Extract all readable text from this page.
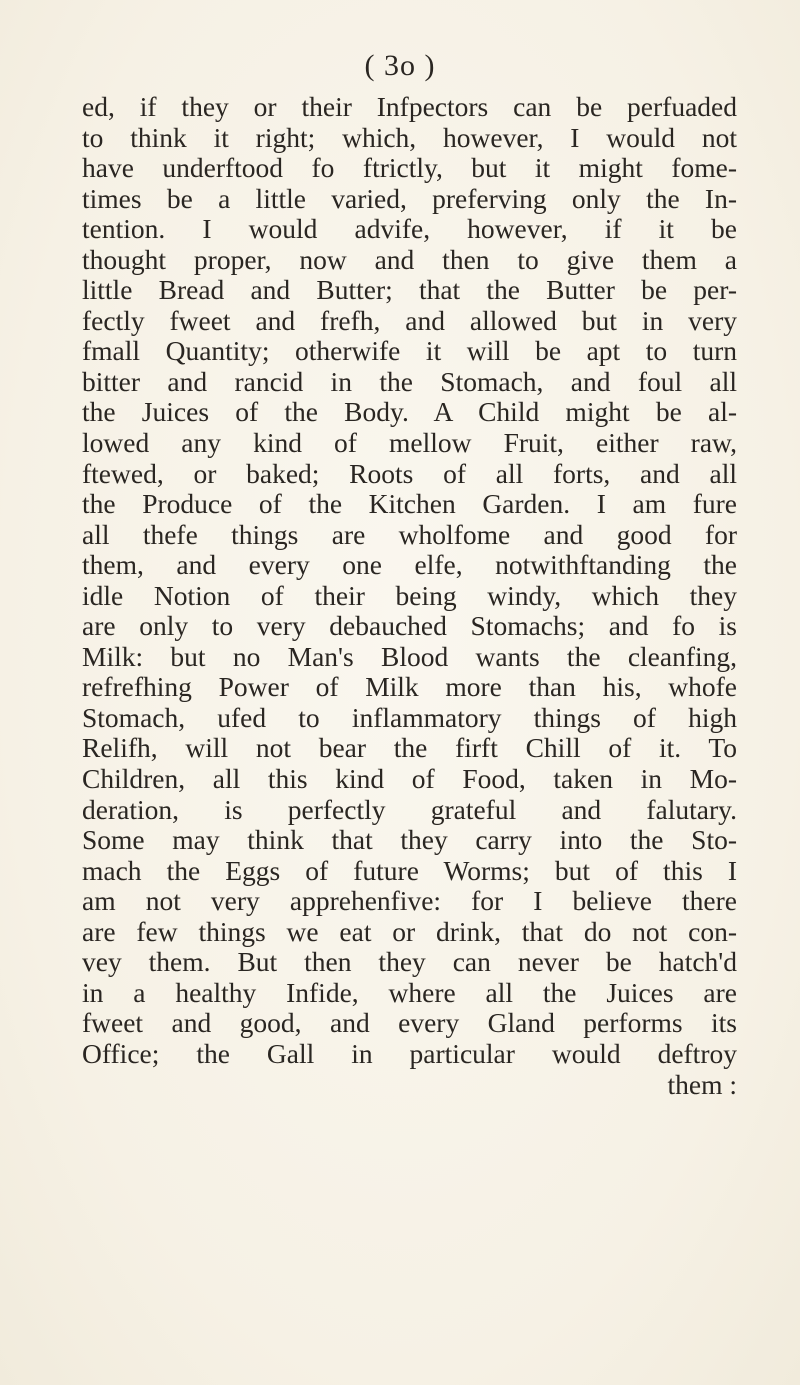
( 3o )
ed, if they or their Infpectors can be perfuaded
to think it right; which, however, I would not
have underftood fo ftrictly, but it might fome-
times be a little varied, preferving only the In-
tention. I would advife, however, if it be
thought proper, now and then to give them a
little Bread and Butter; that the Butter be per-
fectly fweet and frefh, and allowed but in very
fmall Quantity; otherwife it will be apt to turn
bitter and rancid in the Stomach, and foul all
the Juices of the Body. A Child might be al-
lowed any kind of mellow Fruit, either raw,
ftewed, or baked; Roots of all forts, and all
the Produce of the Kitchen Garden. I am fure
all thefe things are wholfome and good for
them, and every one elfe, notwithftanding the
idle Notion of their being windy, which they
are only to very debauched Stomachs; and fo is
Milk: but no Man's Blood wants the cleanfing,
refrefhing Power of Milk more than his, whofe
Stomach, ufed to inflammatory things of high
Relifh, will not bear the firft Chill of it. To
Children, all this kind of Food, taken in Mo-
deration, is perfectly grateful and falutary.
Some may think that they carry into the Sto-
mach the Eggs of future Worms; but of this I
am not very apprehenfive: for I believe there
are few things we eat or drink, that do not con-
vey them. But then they can never be hatch'd
in a healthy Infide, where all the Juices are
fweet and good, and every Gland performs its
Office; the Gall in particular would deftroy
them :
